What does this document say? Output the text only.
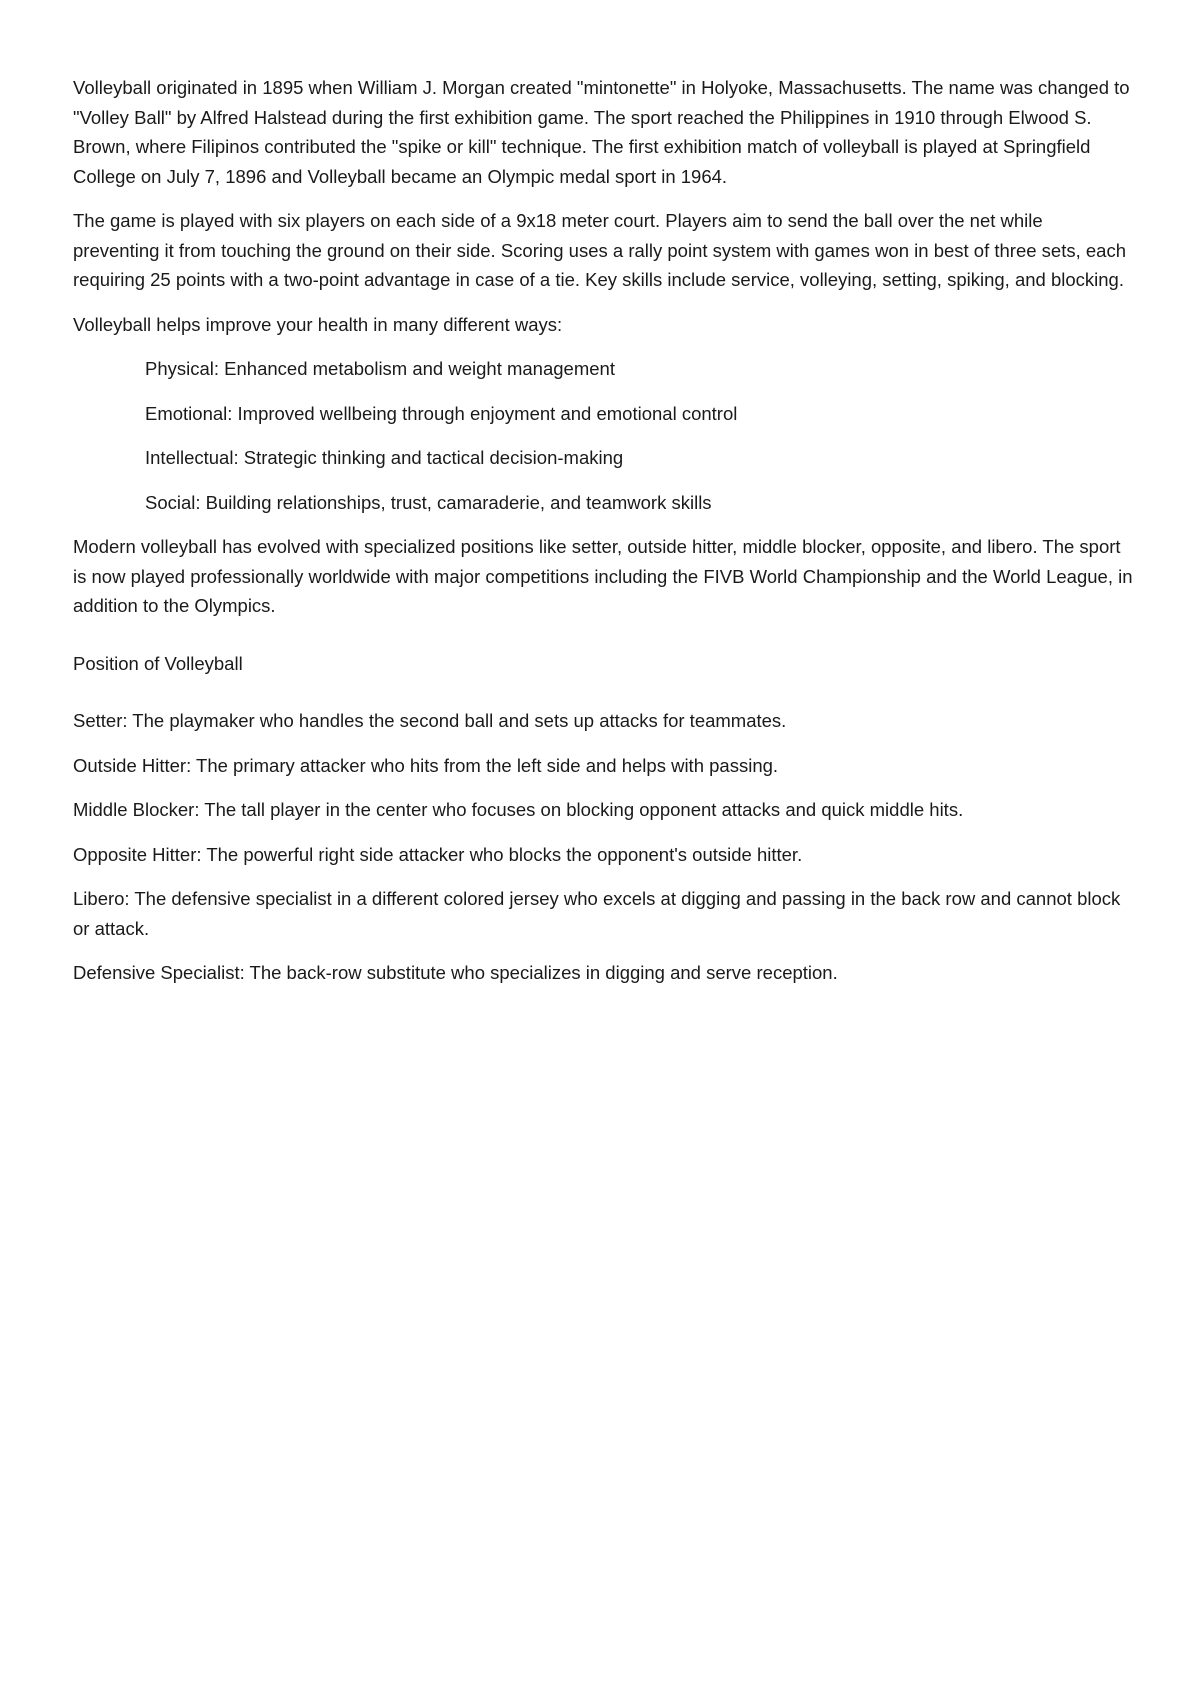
Volleyball originated in 1895 when William J. Morgan created "mintonette" in Holyoke, Massachusetts. The name was changed to "Volley Ball" by Alfred Halstead during the first exhibition game. The sport reached the Philippines in 1910 through Elwood S. Brown, where Filipinos contributed the "spike or kill" technique. The first exhibition match of volleyball is played at Springfield College on July 7, 1896 and Volleyball became an Olympic medal sport in 1964.

The game is played with six players on each side of a 9x18 meter court. Players aim to send the ball over the net while preventing it from touching the ground on their side. Scoring uses a rally point system with games won in best of three sets, each requiring 25 points with a two-point advantage in case of a tie. Key skills include service, volleying, setting, spiking, and blocking.

Volleyball helps improve your health in many different ways:

Physical: Enhanced metabolism and weight management

Emotional: Improved wellbeing through enjoyment and emotional control

Intellectual: Strategic thinking and tactical decision-making

Social: Building relationships, trust, camaraderie, and teamwork skills

Modern volleyball has evolved with specialized positions like setter, outside hitter, middle blocker, opposite, and libero. The sport is now played professionally worldwide with major competitions including the FIVB World Championship and the World League, in addition to the Olympics.

Position of Volleyball

Setter: The playmaker who handles the second ball and sets up attacks for teammates.

Outside Hitter: The primary attacker who hits from the left side and helps with passing.

Middle Blocker: The tall player in the center who focuses on blocking opponent attacks and quick middle hits.

Opposite Hitter: The powerful right side attacker who blocks the opponent's outside hitter.

Libero: The defensive specialist in a different colored jersey who excels at digging and passing in the back row and cannot block or attack.

Defensive Specialist: The back-row substitute who specializes in digging and serve reception.
